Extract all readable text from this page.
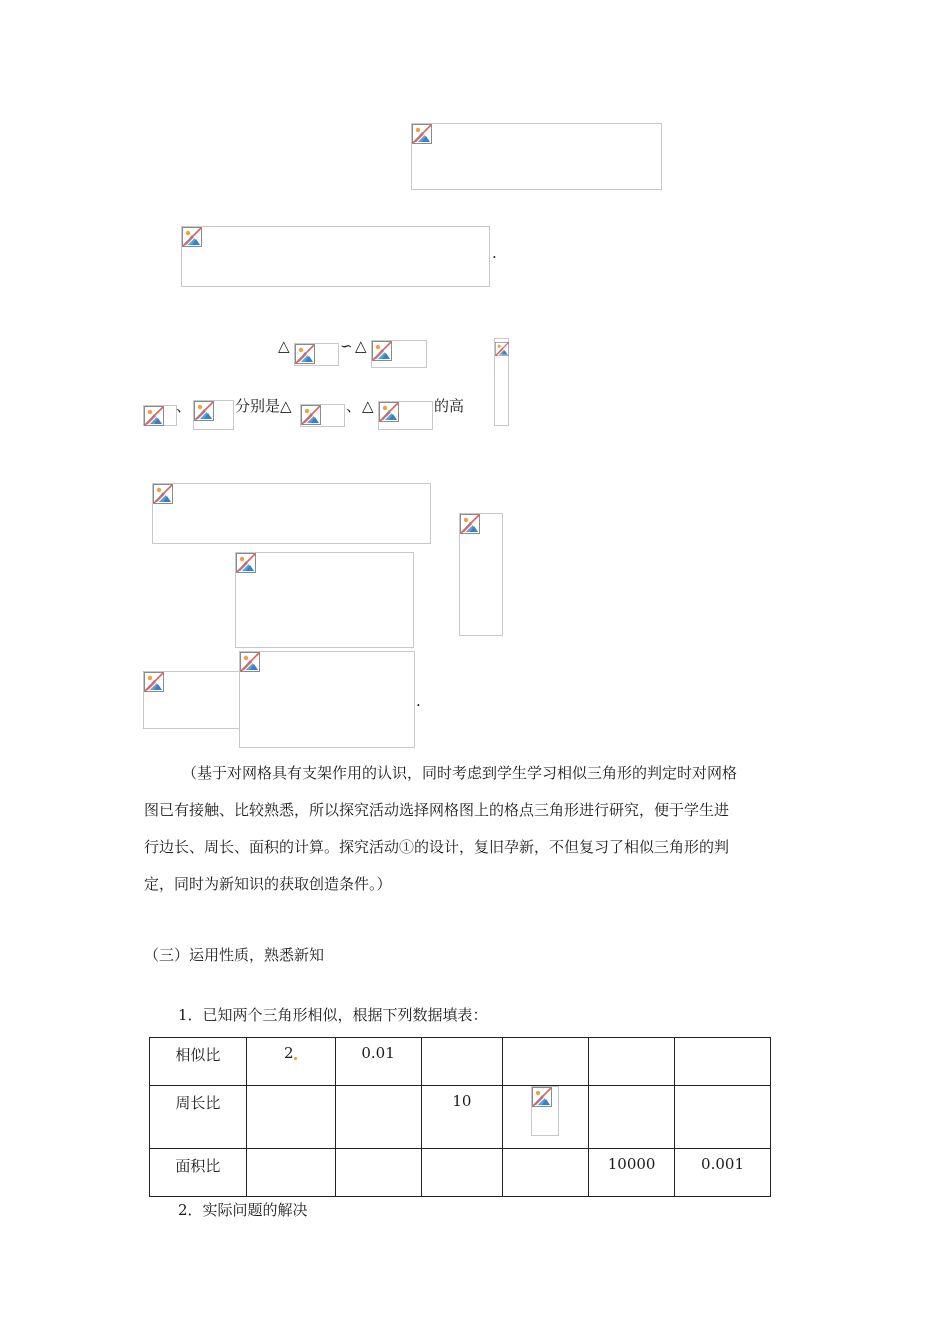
.
△	∽ △
、	分别是△	、 △	的高
.
（基于对网格具有支架作用的认识，同时考虑到学生学习相似三角形的判定时对网格
图已有接触、比较熟悉，所以探究活动选择网格图上的格点三角形进行研究，便于学生进
行边长、周长、面积的计算。探究活动①的设计，复旧孕新，不但复习了相似三角形的判
定，同时为新知识的获取创造条件。）
（三）运用性质，熟悉新知
1．已知两个三角形相似，根据下列数据填表：
相似比	2	0.01				
周长比			10	

面积比					10000	0.001
2．实际问题的解决
